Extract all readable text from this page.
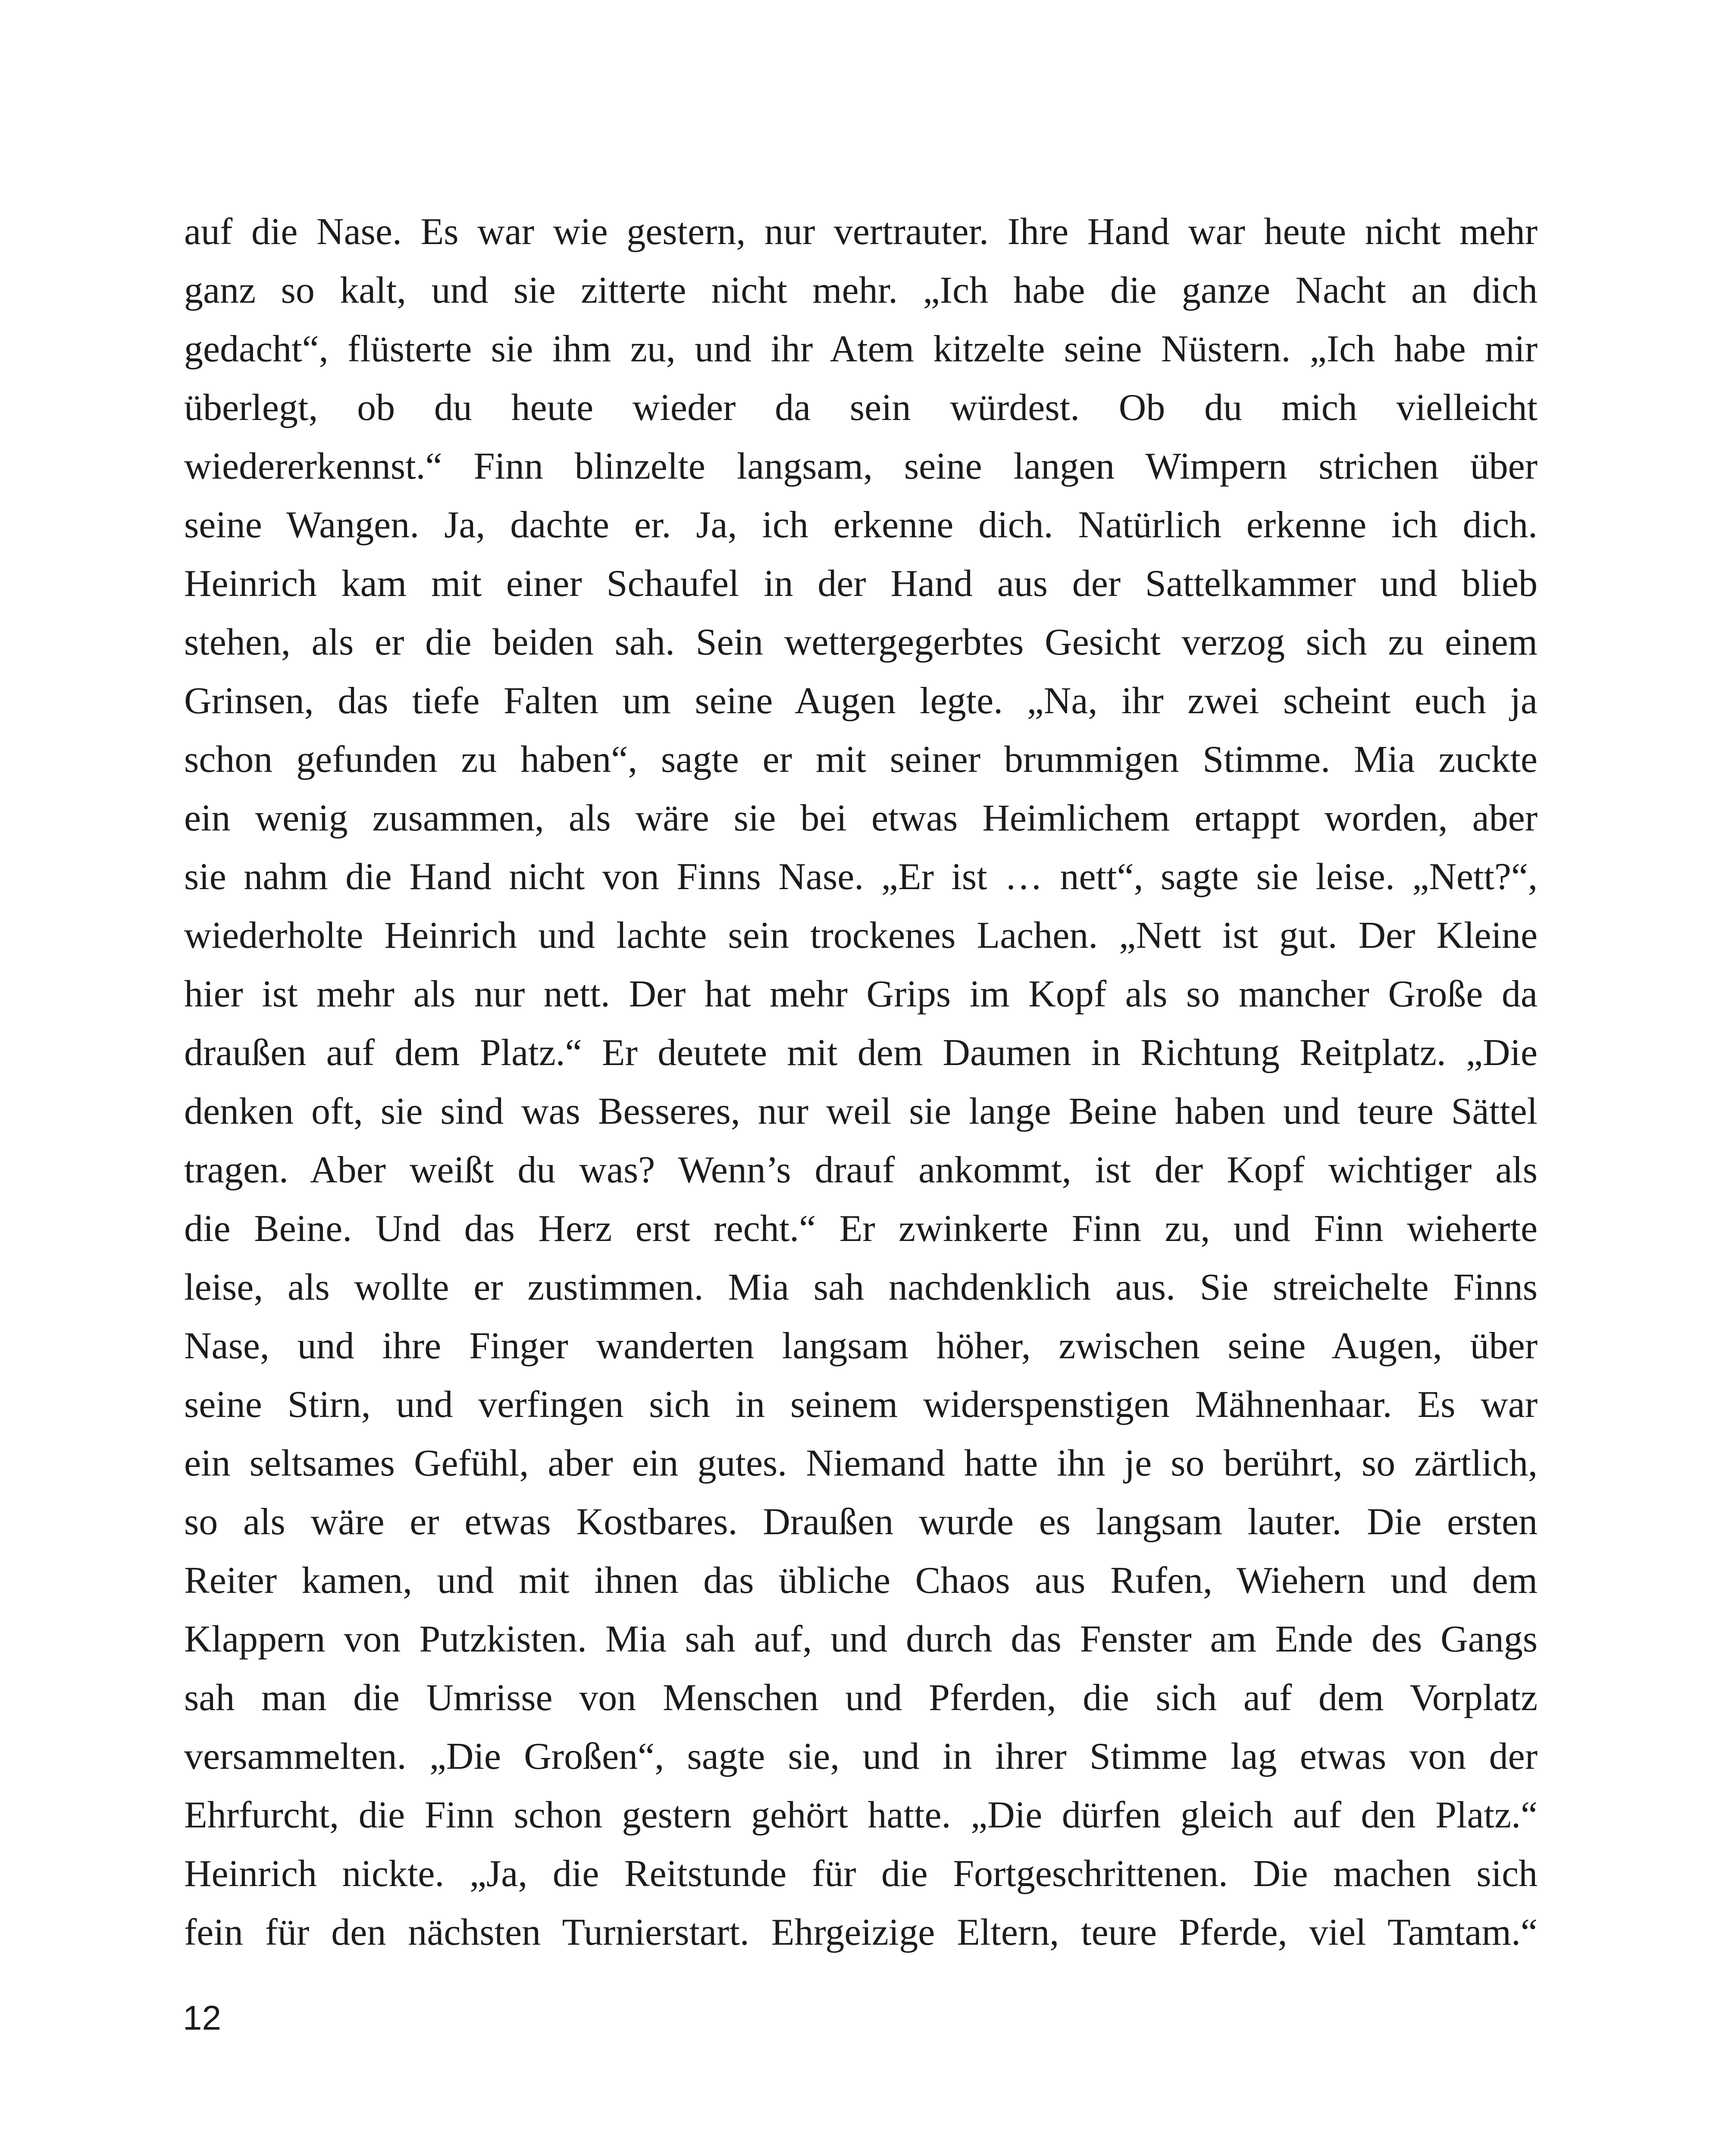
auf die Nase. Es war wie gestern, nur vertrauter. Ihre Hand war heute nicht mehr
ganz so kalt, und sie zitterte nicht mehr. „Ich habe die ganze Nacht an dich
gedacht“, flüsterte sie ihm zu, und ihr Atem kitzelte seine Nüstern. „Ich habe mir
überlegt, ob du heute wieder da sein würdest. Ob du mich vielleicht
wiedererkennst.“ Finn blinzelte langsam, seine langen Wimpern strichen über
seine Wangen. Ja, dachte er. Ja, ich erkenne dich. Natürlich erkenne ich dich.
Heinrich kam mit einer Schaufel in der Hand aus der Sattelkammer und blieb
stehen, als er die beiden sah. Sein wettergegerbtes Gesicht verzog sich zu einem
Grinsen, das tiefe Falten um seine Augen legte. „Na, ihr zwei scheint euch ja
schon gefunden zu haben“, sagte er mit seiner brummigen Stimme. Mia zuckte
ein wenig zusammen, als wäre sie bei etwas Heimlichem ertappt worden, aber
sie nahm die Hand nicht von Finns Nase. „Er ist … nett“, sagte sie leise. „Nett?“,
wiederholte Heinrich und lachte sein trockenes Lachen. „Nett ist gut. Der Kleine
hier ist mehr als nur nett. Der hat mehr Grips im Kopf als so mancher Große da
draußen auf dem Platz.“ Er deutete mit dem Daumen in Richtung Reitplatz. „Die
denken oft, sie sind was Besseres, nur weil sie lange Beine haben und teure Sättel
tragen. Aber weißt du was? Wenn’s drauf ankommt, ist der Kopf wichtiger als
die Beine. Und das Herz erst recht.“ Er zwinkerte Finn zu, und Finn wieherte
leise, als wollte er zustimmen. Mia sah nachdenklich aus. Sie streichelte Finns
Nase, und ihre Finger wanderten langsam höher, zwischen seine Augen, über
seine Stirn, und verfingen sich in seinem widerspenstigen Mähnenhaar. Es war
ein seltsames Gefühl, aber ein gutes. Niemand hatte ihn je so berührt, so zärtlich,
so als wäre er etwas Kostbares. Draußen wurde es langsam lauter. Die ersten
Reiter kamen, und mit ihnen das übliche Chaos aus Rufen, Wiehern und dem
Klappern von Putzkisten. Mia sah auf, und durch das Fenster am Ende des Gangs
sah man die Umrisse von Menschen und Pferden, die sich auf dem Vorplatz
versammelten. „Die Großen“, sagte sie, und in ihrer Stimme lag etwas von der
Ehrfurcht, die Finn schon gestern gehört hatte. „Die dürfen gleich auf den Platz.“
Heinrich nickte. „Ja, die Reitstunde für die Fortgeschrittenen. Die machen sich
fein für den nächsten Turnierstart. Ehrgeizige Eltern, teure Pferde, viel Tamtam.“
12
